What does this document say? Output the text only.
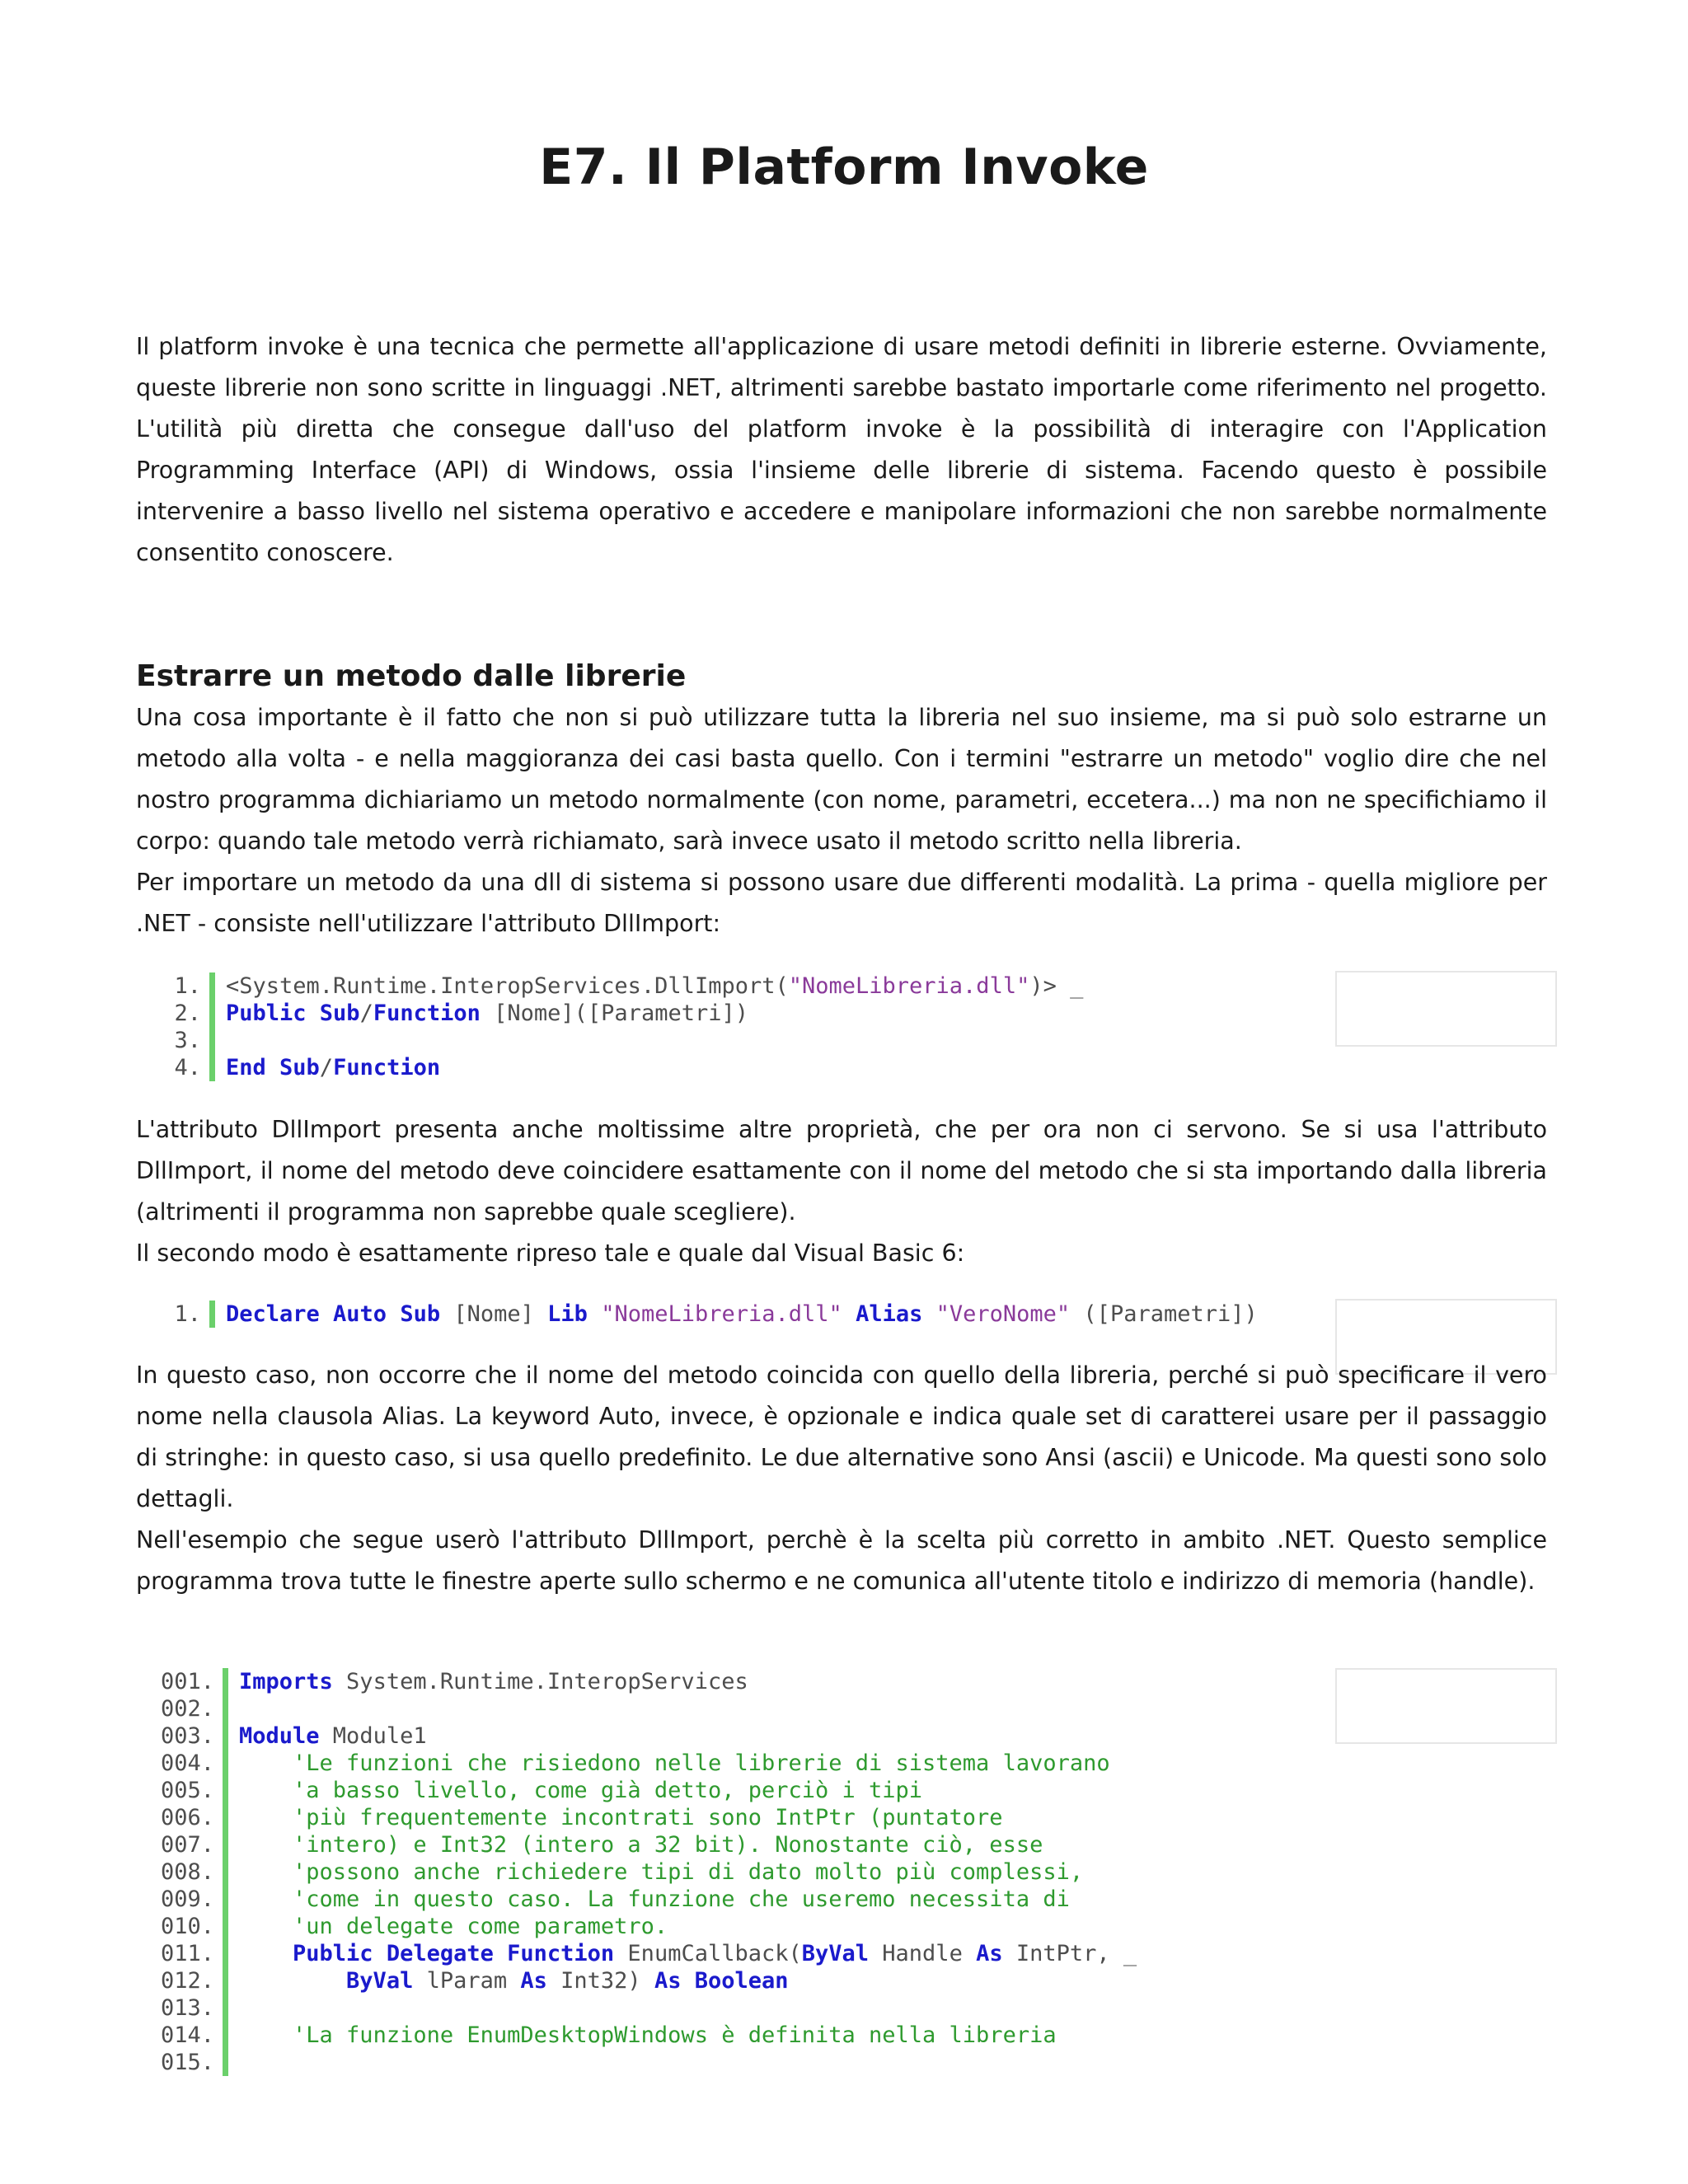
E7. Il Platform Invoke

Il platform invoke è una tecnica che permette all'applicazione di usare metodi definiti in librerie esterne. Ovviamente, queste librerie non sono scritte in linguaggi .NET, altrimenti sarebbe bastato importarle come riferimento nel progetto. L'utilità più diretta che consegue dall'uso del platform invoke è la possibilità di interagire con l'Application Programming Interface (API) di Windows, ossia l'insieme delle librerie di sistema. Facendo questo è possibile intervenire a basso livello nel sistema operativo e accedere e manipolare informazioni che non sarebbe normalmente consentito conoscere.

Estrarre un metodo dalle librerie

Una cosa importante è il fatto che non si può utilizzare tutta la libreria nel suo insieme, ma si può solo estrarne un metodo alla volta - e nella maggioranza dei casi basta quello. Con i termini "estrarre un metodo" voglio dire che nel nostro programma dichiariamo un metodo normalmente (con nome, parametri, eccetera...) ma non ne specifichiamo il corpo: quando tale metodo verrà richiamato, sarà invece usato il metodo scritto nella libreria.

Per importare un metodo da una dll di sistema si possono usare due differenti modalità. La prima - quella migliore per .NET - consiste nell'utilizzare l'attributo DllImport:

1.	<System.Runtime.InteropServices.DllImport("NomeLibreria.dll")> _
2.	Public Sub/Function [Nome]([Parametri])
3.
4.	End Sub/Function

L'attributo DllImport presenta anche moltissime altre proprietà, che per ora non ci servono. Se si usa l'attributo DllImport, il nome del metodo deve coincidere esattamente con il nome del metodo che si sta importando dalla libreria (altrimenti il programma non saprebbe quale scegliere).

Il secondo modo è esattamente ripreso tale e quale dal Visual Basic 6:

1.	Declare Auto Sub [Nome] Lib "NomeLibreria.dll" Alias "VeroNome" ([Parametri])

In questo caso, non occorre che il nome del metodo coincida con quello della libreria, perché si può specificare il vero nome nella clausola Alias. La keyword Auto, invece, è opzionale e indica quale set di caratterei usare per il passaggio di stringhe: in questo caso, si usa quello predefinito. Le due alternative sono Ansi (ascii) e Unicode. Ma questi sono solo dettagli.

Nell'esempio che segue userò l'attributo DllImport, perchè è la scelta più corretto in ambito .NET. Questo semplice programma trova tutte le finestre aperte sullo schermo e ne comunica all'utente titolo e indirizzo di memoria (handle).

001.	Imports System.Runtime.InteropServices
002.
003.	Module Module1
004.	'Le funzioni che risiedono nelle librerie di sistema lavorano
005.	'a basso livello, come già detto, perciò i tipi
006.	'più frequentemente incontrati sono IntPtr (puntatore
007.	'intero) e Int32 (intero a 32 bit). Nonostante ciò, esse
008.	'possono anche richiedere tipi di dato molto più complessi,
009.	'come in questo caso. La funzione che useremo necessita di
010.	'un delegate come parametro.
011.	Public Delegate Function EnumCallback(ByVal Handle As IntPtr, _
012.	ByVal lParam As Int32) As Boolean
013.
014.	'La funzione EnumDesktopWindows è definita nella libreria
015.
